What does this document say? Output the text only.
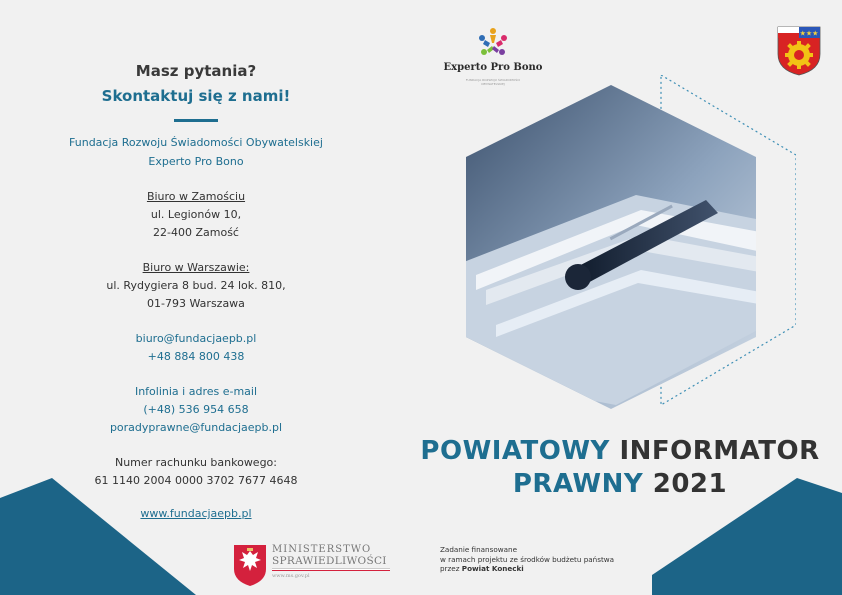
Masz pytania?
Skontaktuj się z nami!
Fundacja Rozwoju Świadomości Obywatelskiej
Experto Pro Bono
Biuro w Zamościu
ul. Legionów 10,
22-400 Zamość
Biuro w Warszawie:
ul. Rydygiera 8 bud. 24 lok. 810,
01-793 Warszawa
biuro@fundacjaepb.pl
+48 884 800 438
Infolinia i adres e-mail
(+48) 536 954 658
poradyprawne@fundacjaepb.pl
Numer rachunku bankowego:
61 1140 2004 0000 3702 7677 4648
www.fundacjaepb.pl
MINISTERSTWO
SPRAWIEDLIWOŚCI
www.ms.gov.pl
Experto Pro Bono
FUNDACJA ROZWOJU ŚWIADOMOŚCI OBYWATELSKIEJ
★★★
POWIATOWY INFORMATOR
PRAWNY 2021
Zadanie finansowane
w ramach projektu ze środków budżetu państwa
przez Powiat Konecki
